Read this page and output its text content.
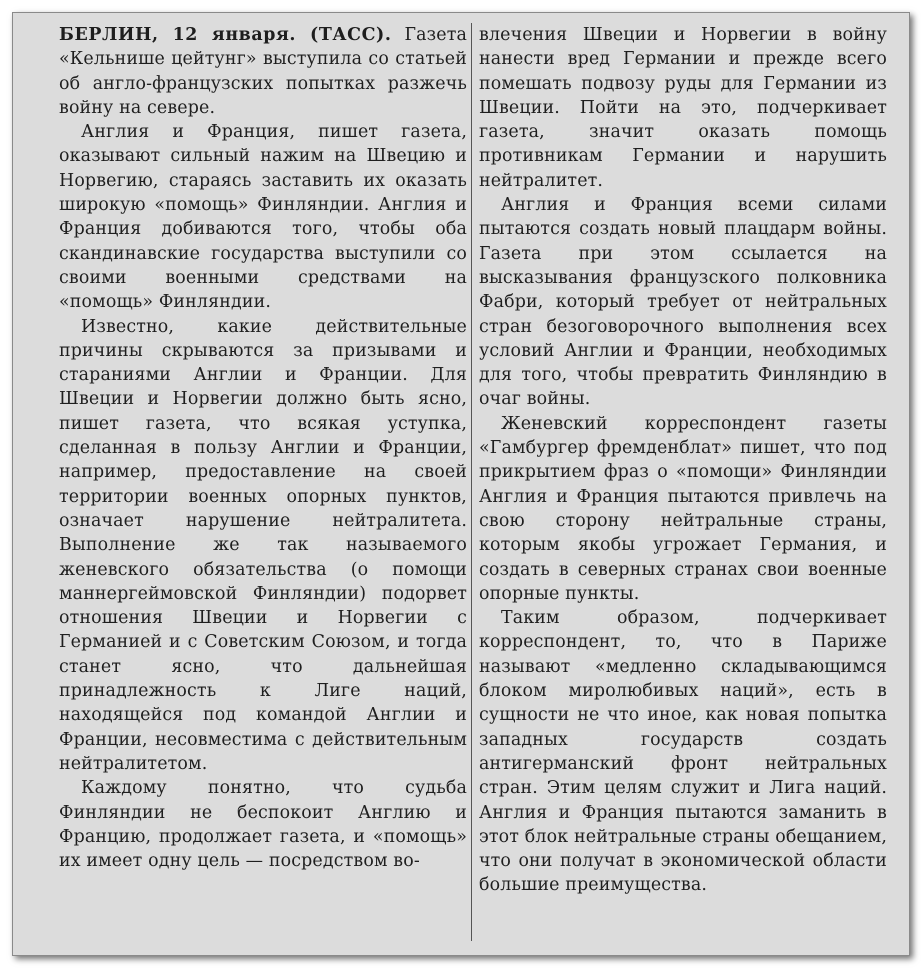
БЕРЛИН, 12 января. (ТАСС). Газета «Кельнише цейтунг» выступила со статьей об англо-французских попытках разжечь войну на севере.

Англия и Франция, пишет газета, оказывают сильный нажим на Швецию и Норвегию, стараясь заставить их оказать широкую «помощь» Финляндии. Англия и Франция добиваются того, чтобы оба скандинавские государства выступили со своими военными средствами на «помощь» Финляндии.

Известно, какие действительные причины скрываются за призывами и стараниями Англии и Франции. Для Швеции и Норвегии должно быть ясно, пишет газета, что всякая уступка, сделанная в пользу Англии и Франции, например, предоставление на своей территории военных опорных пунктов, означает нарушение нейтралитета. Выполнение же так называемого женевского обязательства (о помощи маннергеймовской Финляндии) подорвет отношения Швеции и Норвегии с Германией и с Советским Союзом, и тогда станет ясно, что дальнейшая принадлежность к Лиге наций, находящейся под командой Англии и Франции, несовместима с действительным нейтралитетом.

Каждому понятно, что судьба Финляндии не беспокоит Англию и Францию, продолжает газета, и «помощь» их имеет одну цель — посредством во-

влечения Швеции и Норвегии в войну нанести вред Германии и прежде всего помешать подвозу руды для Германии из Швеции. Пойти на это, подчеркивает газета, значит оказать помощь противникам Германии и нарушить нейтралитет.

Англия и Франция всеми силами пытаются создать новый плацдарм войны. Газета при этом ссылается на высказывания французского полковника Фабри, который требует от нейтральных стран безоговорочного выполнения всех условий Англии и Франции, необходимых для того, чтобы превратить Финляндию в очаг войны.

Женевский корреспондент газеты «Гамбургер фремденблат» пишет, что под прикрытием фраз о «помощи» Финляндии Англия и Франция пытаются привлечь на свою сторону нейтральные страны, которым якобы угрожает Германия, и создать в северных странах свои военные опорные пункты.

Таким образом, подчеркивает корреспондент, то, что в Париже называют «медленно складывающимся блоком миролюбивых наций», есть в сущности не что иное, как новая попытка западных государств создать антигерманский фронт нейтральных стран. Этим целям служит и Лига наций. Англия и Франция пытаются заманить в этот блок нейтральные страны обещанием, что они получат в экономической области большие преимущества.
